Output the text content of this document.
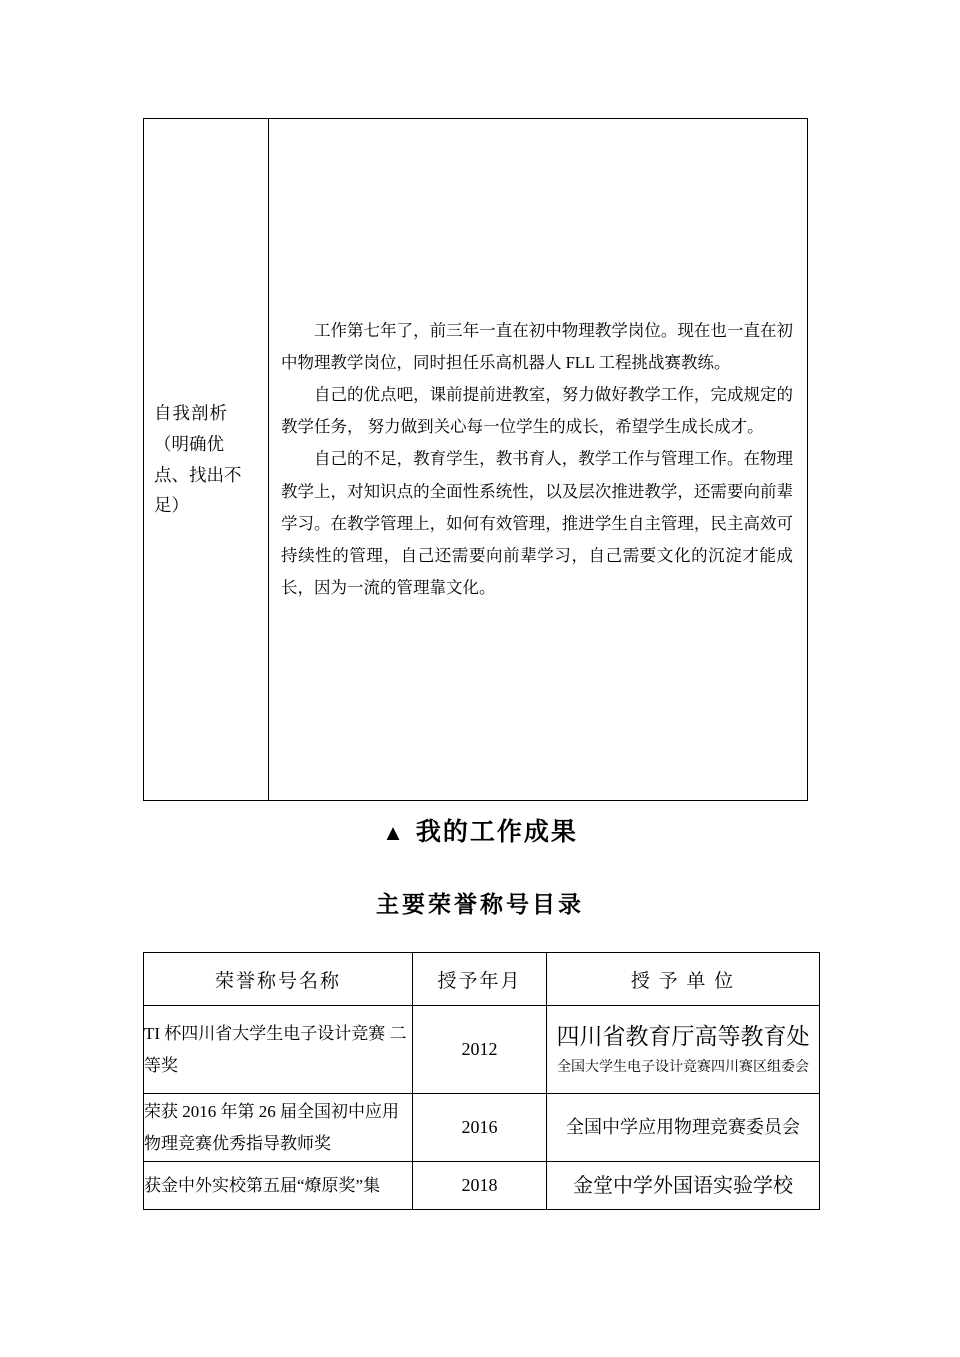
自我剖析
（明确优点、找出不足）

工作第七年了，前三年一直在初中物理教学岗位。现在也一直在初中物理教学岗位，同时担任乐高机器人 FLL 工程挑战赛教练。

自己的优点吧，课前提前进教室，努力做好教学工作，完成规定的教学任务， 努力做到关心每一位学生的成长，希望学生成长成才。

自己的不足，教育学生，教书育人，教学工作与管理工作。在物理教学上，对知识点的全面性系统性，以及层次推进教学，还需要向前辈学习。在教学管理上，如何有效管理，推进学生自主管理，民主高效可持续性的管理，自己还需要向前辈学习，自己需要文化的沉淀才能成长，因为一流的管理靠文化。

▲ 我的工作成果
主要荣誉称号目录
荣誉称号名称	授予年月	授 予 单 位
TI 杯四川省大学生电子设计竞赛 二等奖	2012	四川省教育厅高等教育处
全国大学生电子设计竞赛四川赛区组委会

荣获 2016 年第 26 届全国初中应用物理竞赛优秀指导教师奖	2016	全国中学应用物理竞赛委员会
获金中外实校第五届“燎原奖”集	2018	金堂中学外国语实验学校
